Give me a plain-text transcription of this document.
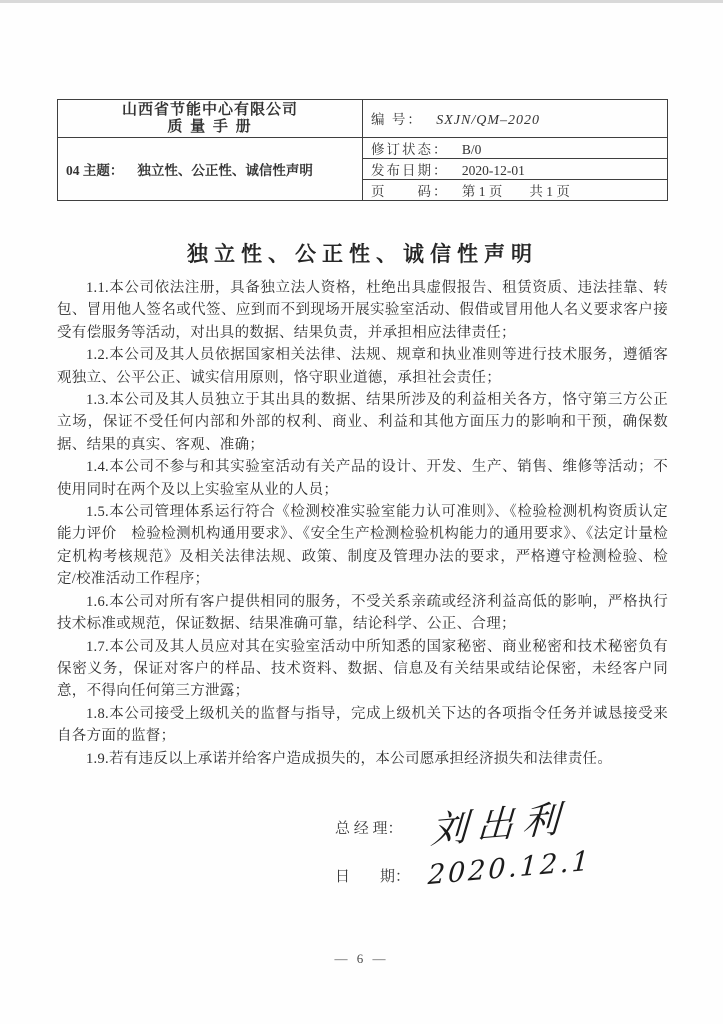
山西省节能中心有限公司
质 量 手 册	编 号： SXJN/QM–2020
04 主题： 独立性、公正性、诚信性声明	修订状态： B/0
	发布日期： 2020-12-01
	页　　码： 第 1 页　　共 1 页
独立性、公正性、诚信性声明

1.1.本公司依法注册，具备独立法人资格，杜绝出具虚假报告、租赁资质、违法挂靠、转包、冒用他人签名或代签、应到而不到现场开展实验室活动、假借或冒用他人名义要求客户接受有偿服务等活动，对出具的数据、结果负责，并承担相应法律责任；

1.2.本公司及其人员依据国家相关法律、法规、规章和执业准则等进行技术服务，遵循客观独立、公平公正、诚实信用原则，恪守职业道德，承担社会责任；

1.3.本公司及其人员独立于其出具的数据、结果所涉及的利益相关各方，恪守第三方公正立场，保证不受任何内部和外部的权利、商业、利益和其他方面压力的影响和干预，确保数据、结果的真实、客观、准确；

1.4.本公司不参与和其实验室活动有关产品的设计、开发、生产、销售、维修等活动；不使用同时在两个及以上实验室从业的人员；

1.5.本公司管理体系运行符合《检测校准实验室能力认可准则》、《检验检测机构资质认定能力评价　检验检测机构通用要求》、《安全生产检测检验机构能力的通用要求》、《法定计量检定机构考核规范》及相关法律法规、政策、制度及管理办法的要求，严格遵守检测检验、检定/校准活动工作程序；

1.6.本公司对所有客户提供相同的服务，不受关系亲疏或经济利益高低的影响，严格执行技术标准或规范，保证数据、结果准确可靠，结论科学、公正、合理；

1.7.本公司及其人员应对其在实验室活动中所知悉的国家秘密、商业秘密和技术秘密负有保密义务，保证对客户的样品、技术资料、数据、信息及有关结果或结论保密，未经客户同意，不得向任何第三方泄露；

1.8.本公司接受上级机关的监督与指导，完成上级机关下达的各项指令任务并诚恳接受来自各方面的监督；

1.9.若有违反以上承诺并给客户造成损失的，本公司愿承担经济损失和法律责任。

总 经 理： 刘出利
日　　期： 2020.12.1
— 6 —
